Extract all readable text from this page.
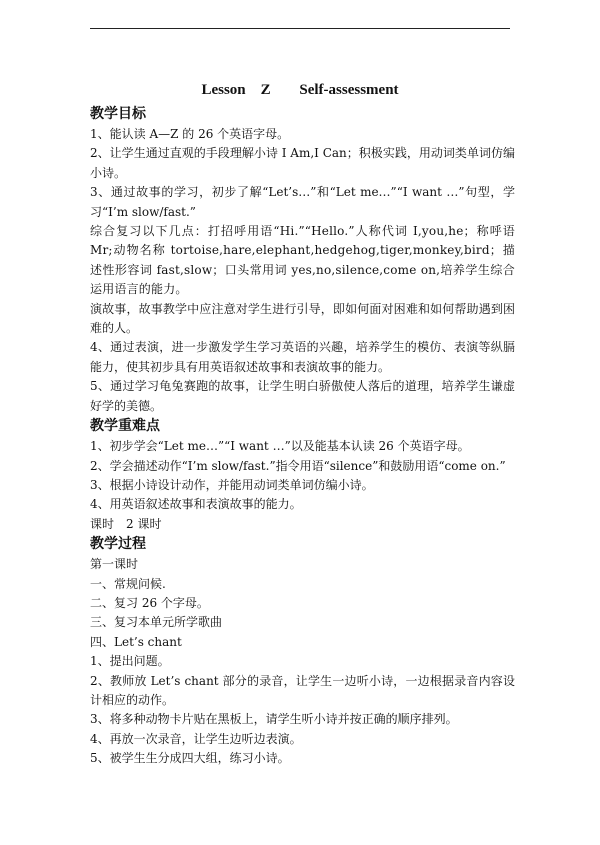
Lesson　Z　 Self-assessment

教学目标

1、能认读 A—Z 的 26 个英语字母。

2、让学生通过直观的手段理解小诗 I Am,I Can；积极实践，用动词类单词仿编小诗。

3、通过故事的学习，初步了解“Let’s…”和“Let me…”“I want …”句型，学习“I’m slow/fast.”

综合复习以下几点：打招呼用语“Hi.”“Hello.”人称代词 I,you,he；称呼语 Mr;动物名称 tortoise,hare,elephant,hedgehog,tiger,monkey,bird；描述性形容词 fast,slow；口头常用词 yes,no,silence,come on,培养学生综合运用语言的能力。

演故事，故事教学中应注意对学生进行引导，即如何面对困难和如何帮助遇到困难的人。

4、通过表演，进一步激发学生学习英语的兴趣，培养学生的模仿、表演等纵膈能力，使其初步具有用英语叙述故事和表演故事的能力。

5、通过学习龟兔赛跑的故事，让学生明白骄傲使人落后的道理，培养学生谦虚好学的美德。

教学重难点

1、初步学会“Let me…”“I want …”以及能基本认读 26 个英语字母。

2、学会描述动作“I’m slow/fast.”指令用语“silence”和鼓励用语“come on.”

3、根据小诗设计动作，并能用动词类单词仿编小诗。

4、用英语叙述故事和表演故事的能力。

课时　2 课时

教学过程

第一课时

一、常规问候.

二、复习 26 个字母。

三、复习本单元所学歌曲

四、Let’s chant

1、提出问题。

2、教师放 Let’s chant 部分的录音，让学生一边听小诗，一边根据录音内容设计相应的动作。

3、将多种动物卡片贴在黑板上，请学生听小诗并按正确的顺序排列。

4、再放一次录音，让学生边听边表演。

5、被学生生分成四大组，练习小诗。
